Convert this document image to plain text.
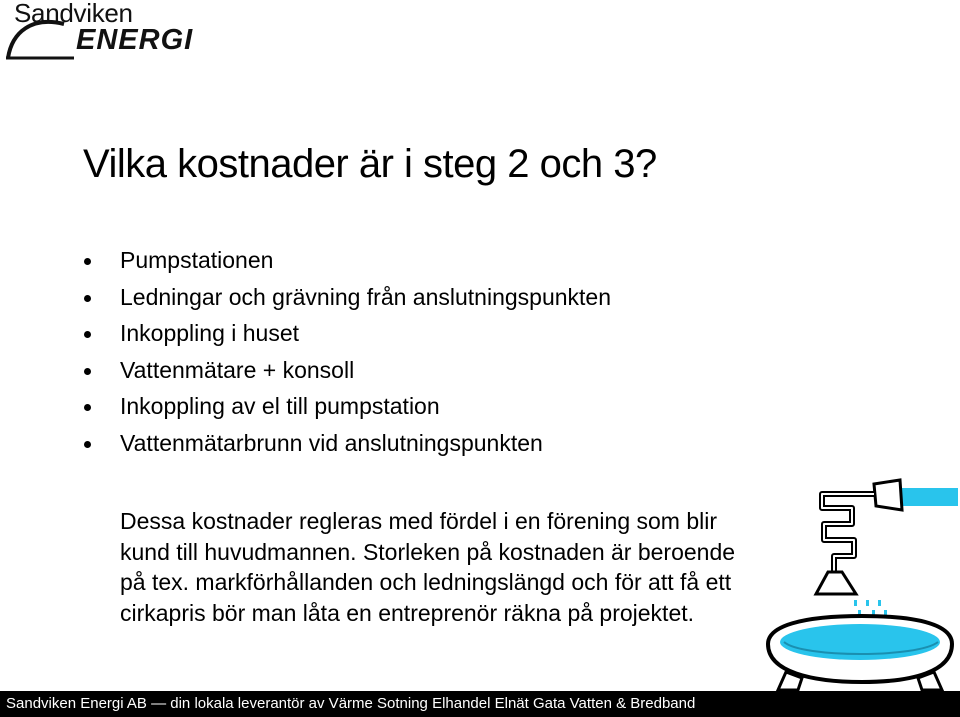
Sandviken
ENERGI
Vilka kostnader är i steg 2 och 3?
Pumpstationen
Ledningar och grävning från anslutningspunkten
Inkoppling i huset
Vattenmätare + konsoll
Inkoppling av el till pumpstation
Vattenmätarbrunn vid anslutningspunkten

Dessa kostnader regleras med fördel i en förening som blir kund till huvudmannen. Storleken på kostnaden är beroende på tex. markförhållanden och ledningslängd och för att få ett cirkapris bör man låta en entreprenör räkna på projektet.

Sandviken Energi AB — din lokala leverantör av Värme Sotning Elhandel Elnät Gata Vatten & Bredband
